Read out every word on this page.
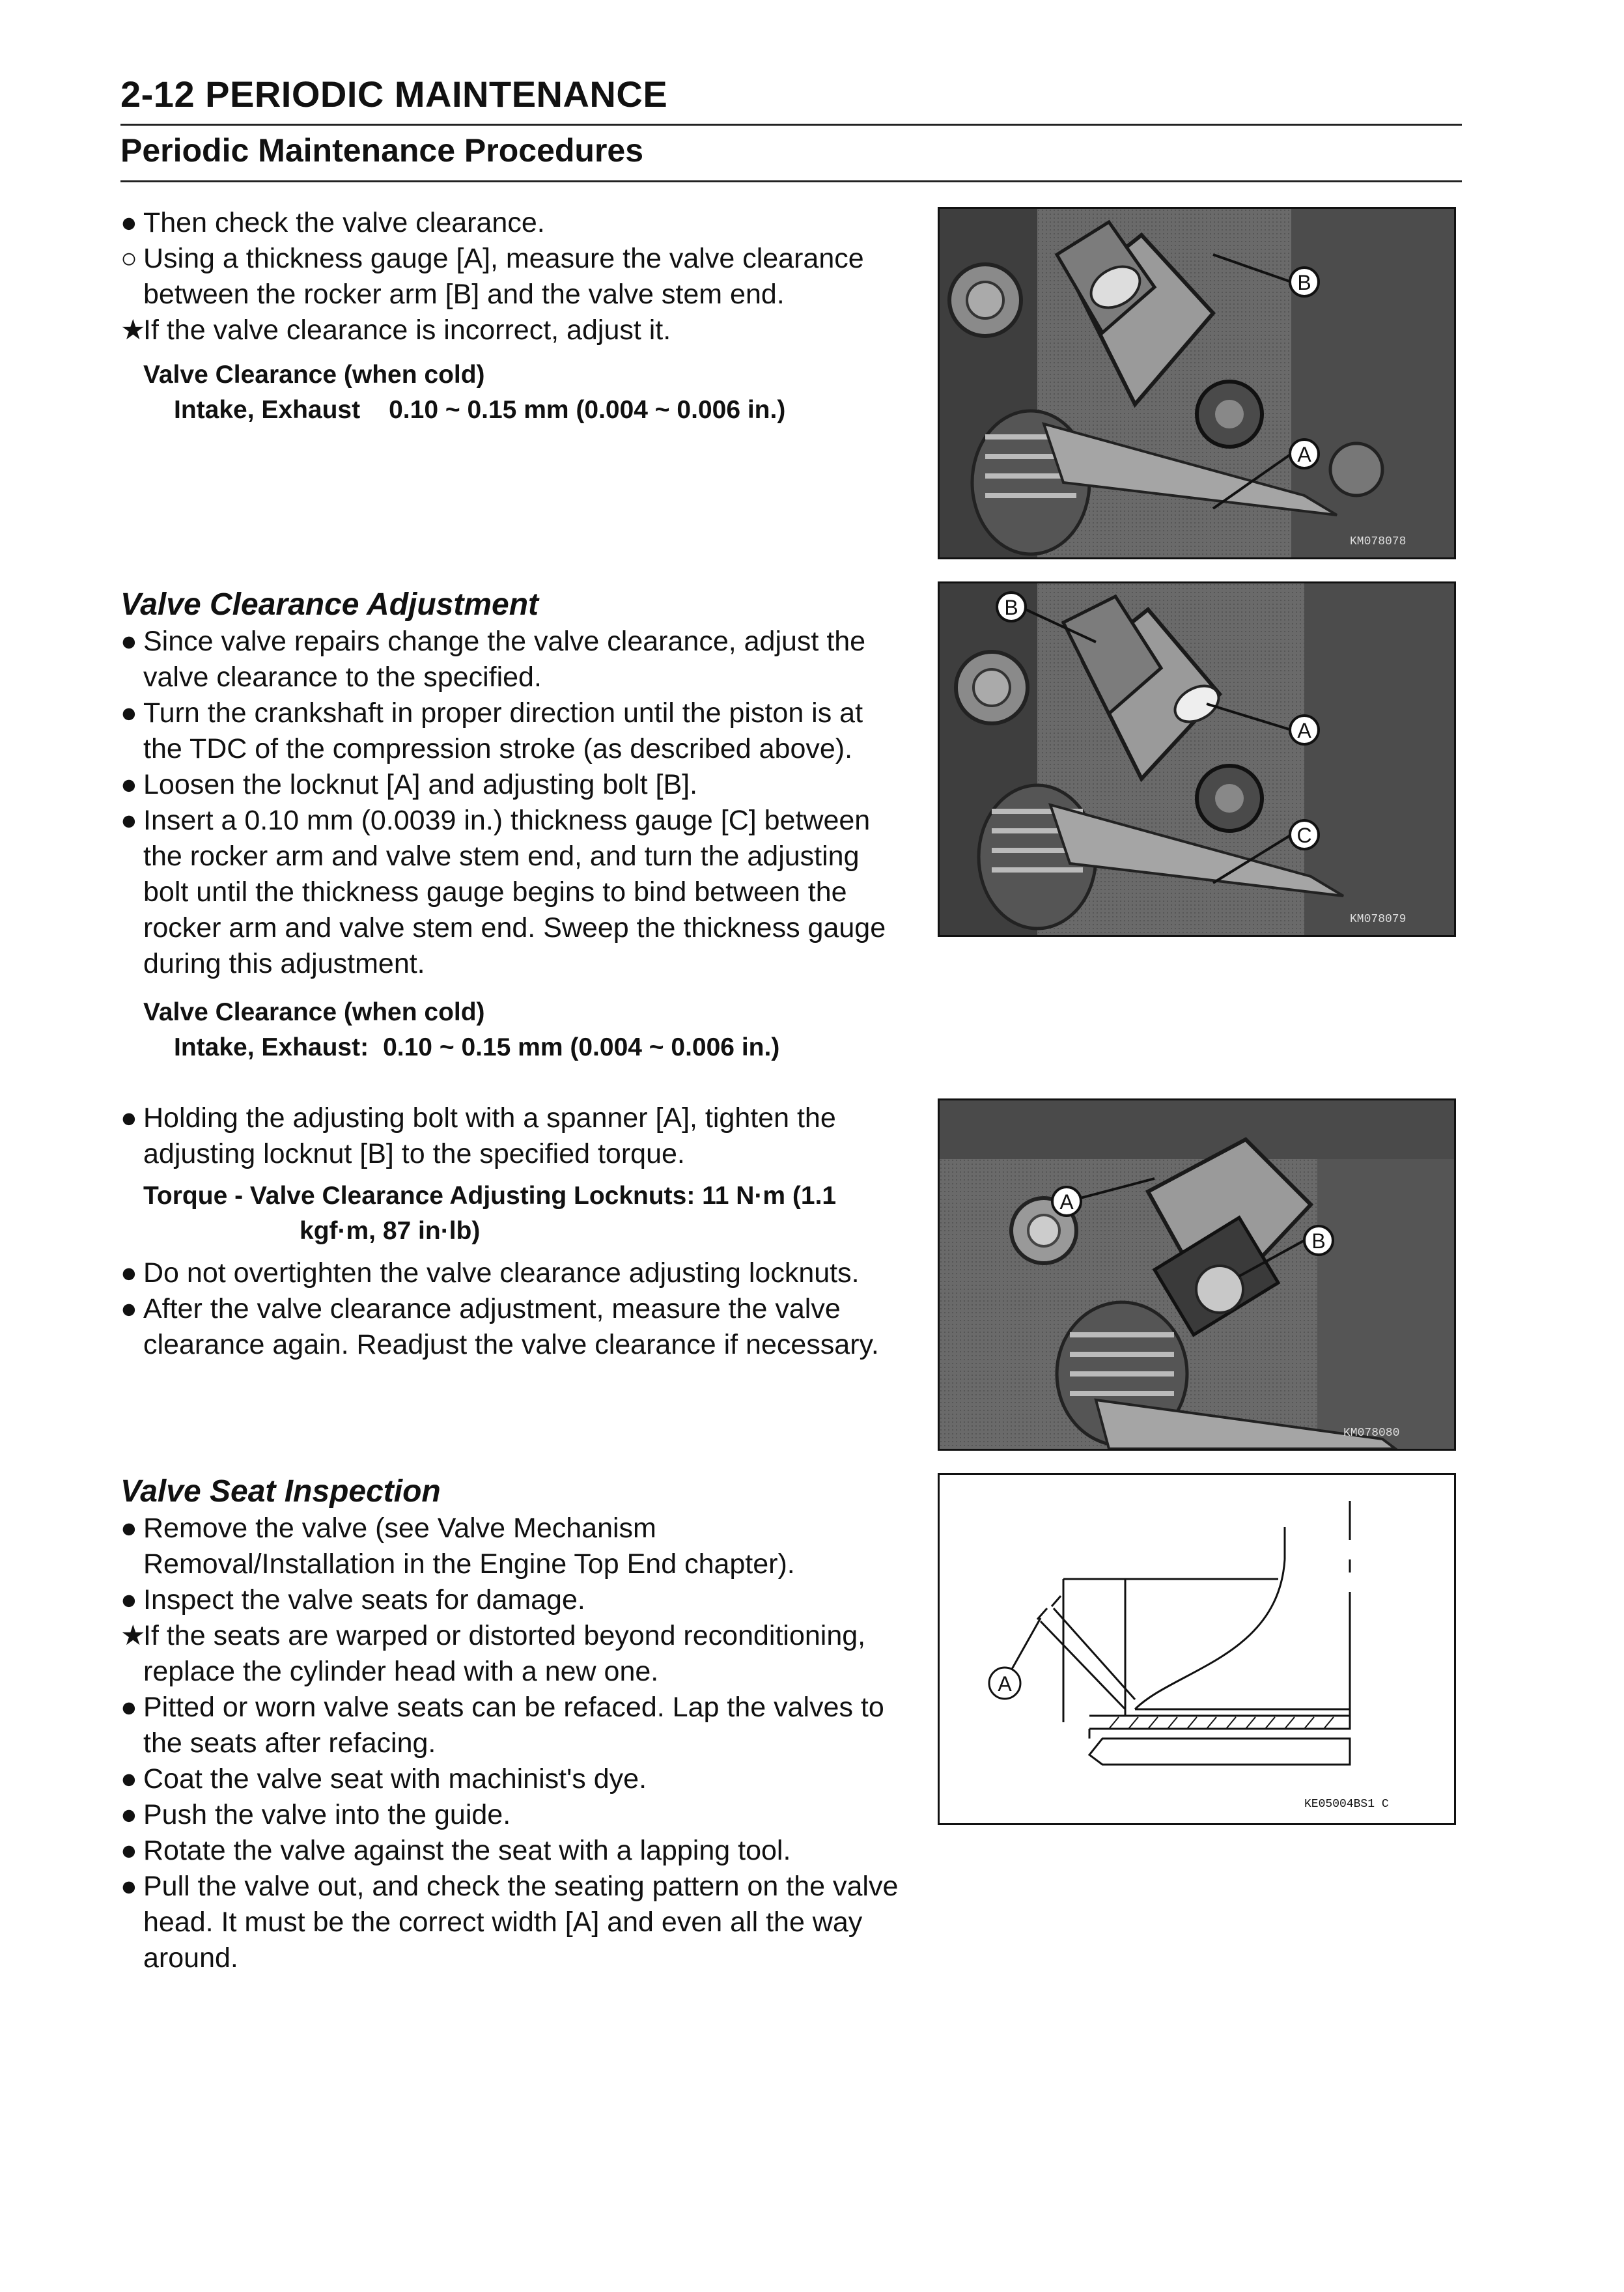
2-12 PERIODIC MAINTENANCE
Periodic Maintenance Procedures
● Then check the valve clearance.
○ Using a thickness gauge [A], measure the valve clearance between the rocker arm [B] and the valve stem end.
★
If the valve clearance is incorrect, adjust it.
Valve Clearance (when cold)
Intake, Exhaust 0.10 ~ 0.15 mm (0.004 ~ 0.006 in.)
Valve Clearance Adjustment
● Since valve repairs change the valve clearance, adjust the valve clearance to the specified.
● Turn the crankshaft in proper direction until the piston is at the TDC of the compression stroke (as described above).
● Loosen the locknut [A] and adjusting bolt [B].
● Insert a 0.10 mm (0.0039 in.) thickness gauge [C] between the rocker arm and valve stem end, and turn the adjusting bolt until the thickness gauge begins to bind between the rocker arm and valve stem end. Sweep the thickness gauge during this adjustment.
Valve Clearance (when cold)
Intake, Exhaust: 0.10 ~ 0.15 mm (0.004 ~ 0.006 in.)
● Holding the adjusting bolt with a spanner [A], tighten the adjusting locknut [B] to the specified torque.
Torque - Valve Clearance Adjusting Locknuts: 11 N·m (1.1
kgf·m, 87 in·lb)
● Do not overtighten the valve clearance adjusting locknuts.
● After the valve clearance adjustment, measure the valve clearance again. Readjust the valve clearance if necessary.
Valve Seat Inspection
● Remove the valve (see Valve Mechanism Removal/Installation in the Engine Top End chapter).
● Inspect the valve seats for damage.
★
If the seats are warped or distorted beyond reconditioning, replace the cylinder head with a new one.
● Pitted or worn valve seats can be refaced. Lap the valves to the seats after refacing.
● Coat the valve seat with machinist's dye.
● Push the valve into the guide.
● Rotate the valve against the seat with a lapping tool.
● Pull the valve out, and check the seating pattern on the valve head. It must be the correct width [A] and even all the way around.
B
A
KM078078
B
A
C
KM078079
A
B
KM078080
A
KE05004BS1 C
